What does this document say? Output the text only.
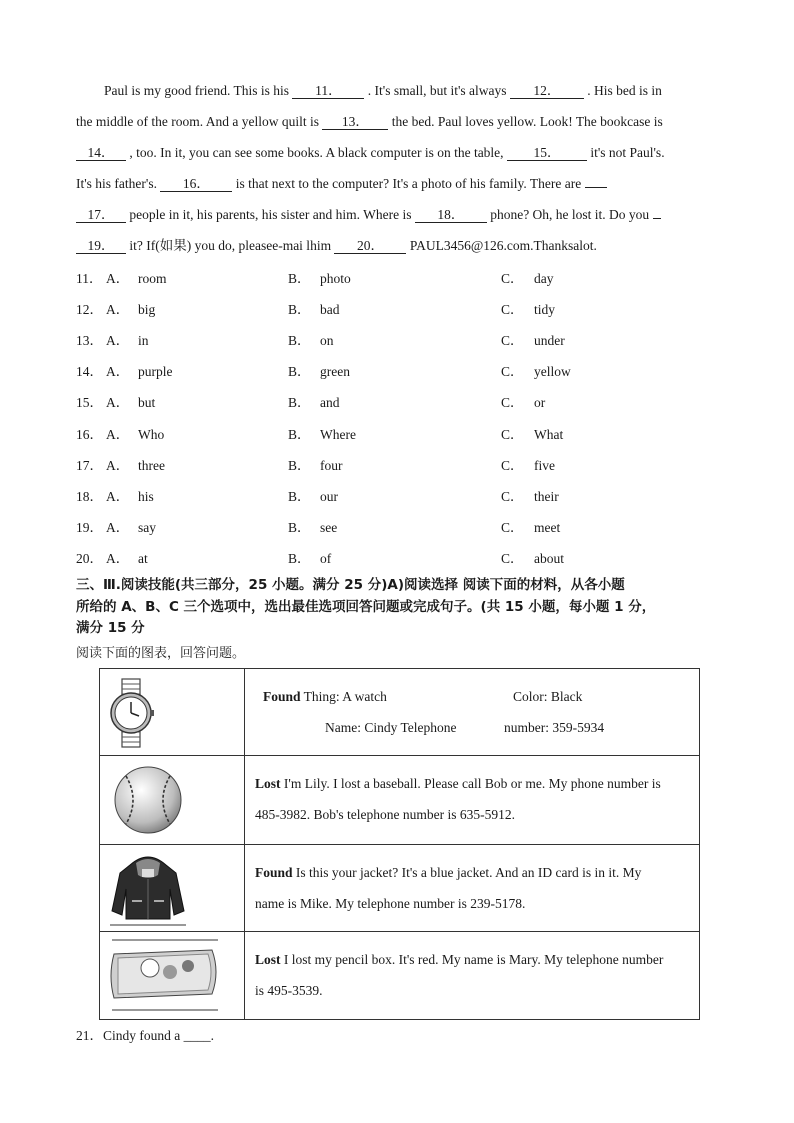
Paul is my good friend. This is his 11． . It's small, but it's always 12． . His bed is in
the middle of the room. And a yellow quilt is 13． the bed. Paul loves yellow. Look! The bookcase is
14． , too. In it, you can see some books. A black computer is on the table, 15． it's not Paul's.
It's his father's. 16． is that next to the computer? It's a photo of his family. There are
17． people in it, his parents, his sister and him. Where is 18． phone? Oh, he lost it. Do you
19． it? If(如果) you do, pleasee-mai lhim 20． PAUL3456@126.com.Thanksalot.
11． A． room	B． photo	C． day
12． A． big	B． bad	C． tidy
13． A． in	B． on	C． under
14． A． purple	B． green	C． yellow
15． A． but	B． and	C． or
16． A． Who	B． Where	C． What
17． A． three	B． four	C． five
18． A． his	B． our	C． their
19． A． say	B． see	C． meet
20． A． at	B． of	C． about
三、Ⅲ.阅读技能(共三部分，25 小题。满分 25 分)A)阅读选择 阅读下面的材料，从各小题
所给的 A、B、C 三个选项中，选出最佳选项回答问题或完成句子。(共 15 小题，每小题 1 分，
满分 15 分
阅读下面的图表，回答问题。

Found Thing: A watch Color: Black
Name: Cindy Telephone number: 359-5934

Lost I'm Lily. I lost a baseball. Please call Bob or me. My phone number is
485-3982. Bob's telephone number is 635-5912.

Found Is this your jacket? It's a blue jacket. And an ID card is in it. My
name is Mike. My telephone number is 239-5178.

Lost I lost my pencil box. It's red. My name is Mary. My telephone number
is 495-3539.
21．Cindy found a ____.
